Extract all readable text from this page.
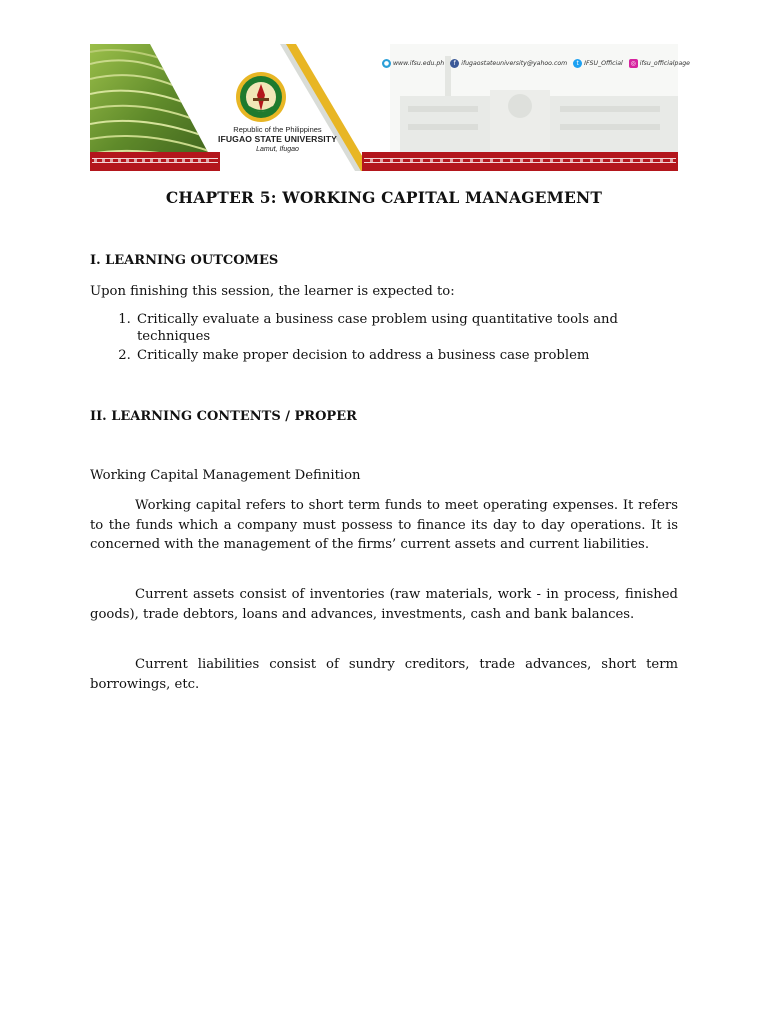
● www.ifsu.edu.ph	f ifugaostateuniversity@yahoo.com	t IFSU_Official	◎ ifsu_officialpage
Republic of the Philippines
IFUGAO STATE UNIVERSITY
Lamut, Ifugao
CHAPTER 5: WORKING CAPITAL MANAGEMENT
I. LEARNING OUTCOMES
Upon finishing this session, the learner is expected to:
1. Critically evaluate a business case problem using quantitative tools and techniques
2. Critically make proper decision to address a business case problem
II. LEARNING CONTENTS / PROPER
Working Capital Management Definition
Working capital refers to short term funds to meet operating expenses. It refers to the funds which a company must possess to finance its day to day operations. It is concerned with the management of the firms’ current assets and current liabilities.
Current assets consist of inventories (raw materials, work - in process, finished goods), trade debtors, loans and advances, investments, cash and bank balances.
Current liabilities consist of sundry creditors, trade advances, short term borrowings, etc.
